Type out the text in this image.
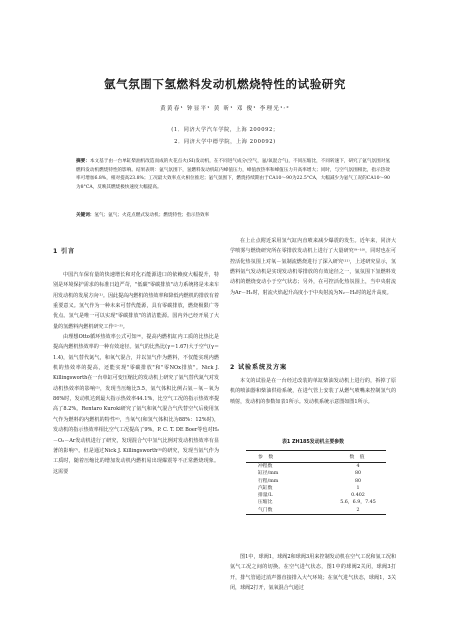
氩气氛围下氢燃料发动机燃烧特性的试验研究
黄黄春¹ 钟显平¹ 黄 昕¹ 邓 俊¹ 李理光¹˒²
(1．同济大学汽车学院，上海 200092；
2．同济大学中德学院，上海 200092)
摘要：本文基于由一台单缸柴油机改造而成的火花点火(SI)发动机，在不同进气成分(空气，氩/氧混合气)，不同压缩比，不同转速下，研究了氩气氛围对氢燃料发动机燃烧特性的影响。结果表明：氩气氛围下，氢燃料发动机缸内峰值压力，峰值放热率和峰值压力升高率增大；同时，与空气氛围相比，指示热效率可增加6.8%，相对提高23.8%；工况最大效率点火相位推迟；氩气氛围下，燃烧持续期由于CA10～90为22.5°CA，大幅减少为氩气工况的CA10～90为8°CA，反映其燃烧极快速度大幅提高。
关键词：氢气；氩气；火花点燃式发动机；燃烧特性；指示热效率
1 引言

中国汽车保有量的快速增长和对化石能源进口的依赖度大幅提升，特别是环境保护需求的标准日趋严苛，"低碳"零碳排放"动力系统将是未来车用发动机的发展方向⁽¹⁾。因此提高内燃机的热效率和降低内燃机的排放有着重要意义。氢气作为一种未来可替代能源，具有零碳排放，燃烧极限广等优点。氢气是唯一可以实现"零碳排放"的清洁能源。国内外已经开展了大量的氢燃料内燃机研究工作⁽²⁻³⁾。

由理想Otto循环热效率公式可知⁽⁴⁾，提高内燃机缸内工质的比热比是提高内燃机热效率的一种有效途径。氩气的比热比(γ＝1.67)大于空气(γ＝1.4)，氩气替代氮气，和氧气混合，并以氢气作为燃料，不仅能实现内燃机的热效率的提高，还能实现"零碳排放"和"零NOx排放"。Nick J. Killingsworth在一台单缸可变压缩比的发动机上研究了氩气替代氮气对发动机热效率的影响⁽⁵⁾，发现当压缩比5.5，氩气体积比例占氩－氧－氧为86%时，发动机达到最大指示热效率44.1%，比空气工况的指示热效率提高了8.2%。Rentaro Kuroki研究了氩气和氧气混合气代替空气后使用氢气作为燃料的内燃机的特性⁽⁶⁾，当氧气(和氢气体积比为88%：12%时)，发动机的指示热效率相比空气工况提高了9%。P. C. T. DE Boer等也对H₂－O₂－Ar发动机进行了研究，发现混合气中氢气比例对发动机热效率有显著的影响⁽⁷⁾。但是通过Nick J. Killingsworth⁽⁸⁾的研究，发现当氩气作为工质时，随着压缩比的增加发动机内燃机易出现爆震等不正常燃烧现象。这需要

在上止点附近采用氢气缸内直喷来减少爆震的发生。近年来，同济大学喷雾与燃烧研究所在零排放发动机上进行了大量研究⁽⁹⁻¹⁰⁾，同时也在可控活化热氛围上对氧－氩制流燃烧进行了深入研究⁽¹¹⁾，上述研究显示，氢燃料氩气发动机是实现发动机零排放的有效途径之一，氩氛围下氢燃料发动机的燃烧变动小于空气状态；另外，在可控活化热氛围上，当中央射流为Ar－H₂时，射流火焰起升高度小于中央射流为N₂－H₂时的起升高度。

2 试验系统及方案

本文的试验是在一台经过改装的单缸柴油发动机上进行的，拆掉了原机的喷油器和柴油供给系统，在进气管上安装了从燃气喷嘴来控制氢气的喷射，发动机的参数如表1所示。发动机系统示意图如图1所示。

表1 ZH185发动机主要参数
参 数	数 值
冲程数	4
缸径/mm	80
行程/mm	80
汽缸数	1
排量/L	0.402
压缩比	5.6，6.9，7.45
气门数	2

图1中，球阀1，球阀2和球阀3用来控制发动机在空气工况和氩工况和氩气工况之间的切换。在空气进气状态，图1中的球阀2关闭，球阀3打开，排气管通过消声器直接排入大气环境；在氩气进气状态，球阀1，3关闭，球阀2打开，氩氧混合气通过
